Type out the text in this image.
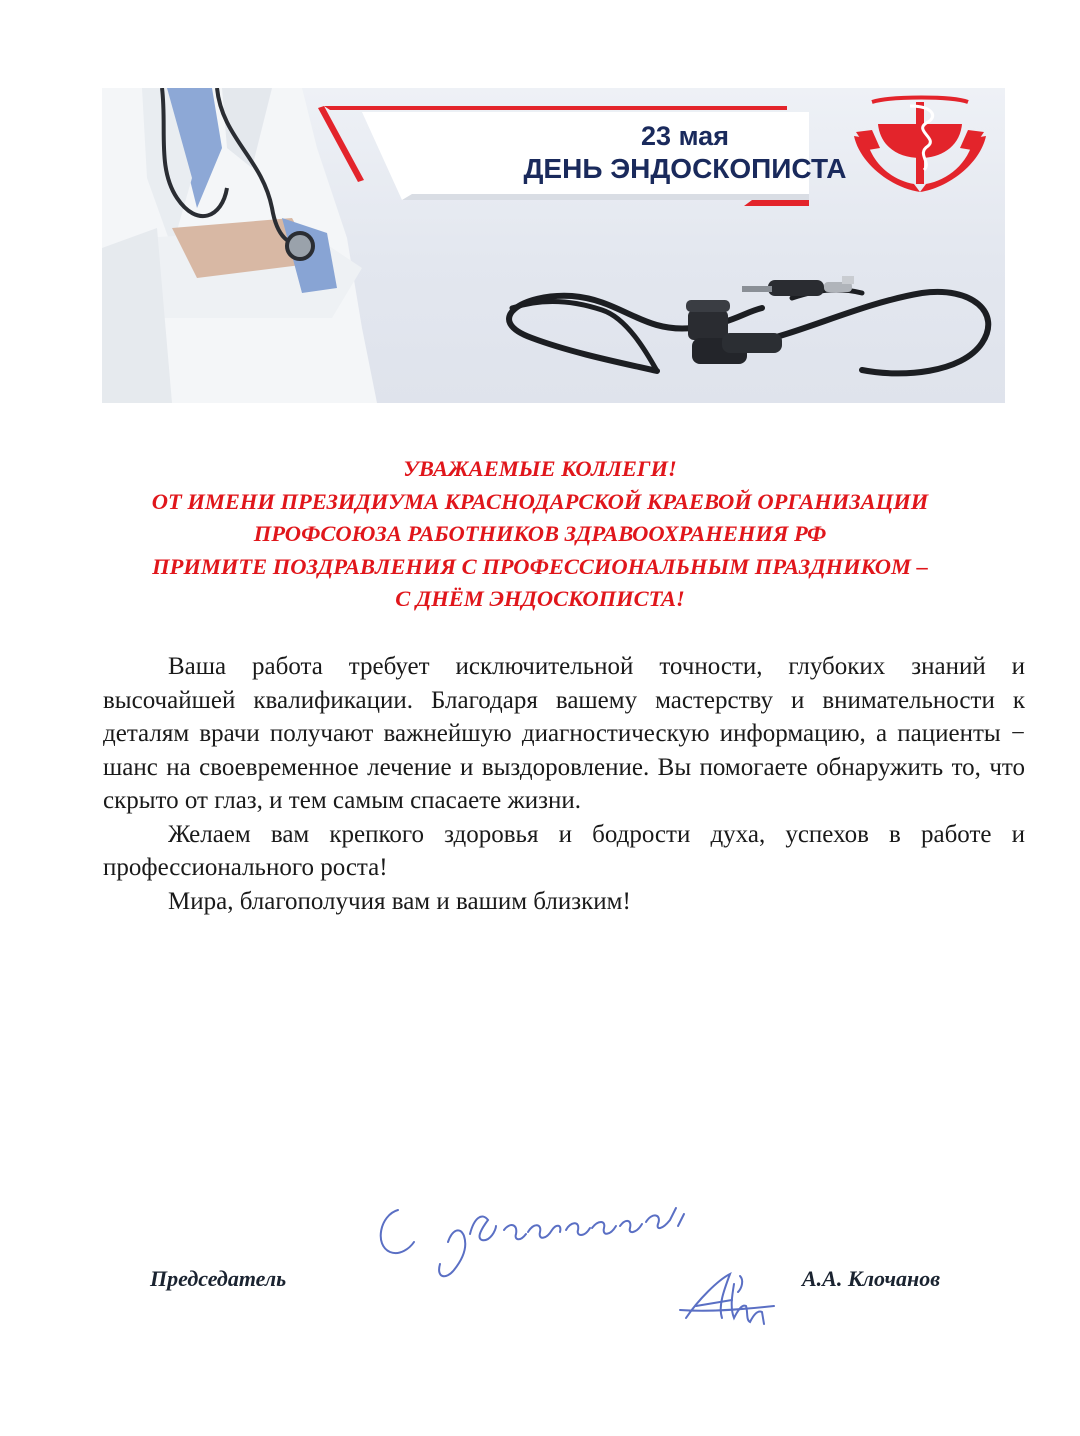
23 мая
ДЕНЬ ЭНДОСКОПИСТА
УВАЖАЕМЫЕ КОЛЛЕГИ!
ОТ ИМЕНИ ПРЕЗИДИУМА КРАСНОДАРСКОЙ КРАЕВОЙ ОРГАНИЗАЦИИ
ПРОФСОЮЗА РАБОТНИКОВ ЗДРАВООХРАНЕНИЯ РФ
ПРИМИТЕ ПОЗДРАВЛЕНИЯ С ПРОФЕССИОНАЛЬНЫМ ПРАЗДНИКОМ –
С ДНЁМ ЭНДОСКОПИСТА!

Ваша работа требует исключительной точности, глубоких знаний и высочайшей квалификации. Благодаря вашему мастерству и внимательности к деталям врачи получают важнейшую диагностическую информацию, а пациенты − шанс на своевременное лечение и выздоровление. Вы помогаете обнаружить то, что скрыто от глаз, и тем самым спасаете жизни.

Желаем вам крепкого здоровья и бодрости духа, успехов в работе и профессионального роста!

Мира, благополучия вам и вашим близким!

Председатель	А.А. Клочанов
